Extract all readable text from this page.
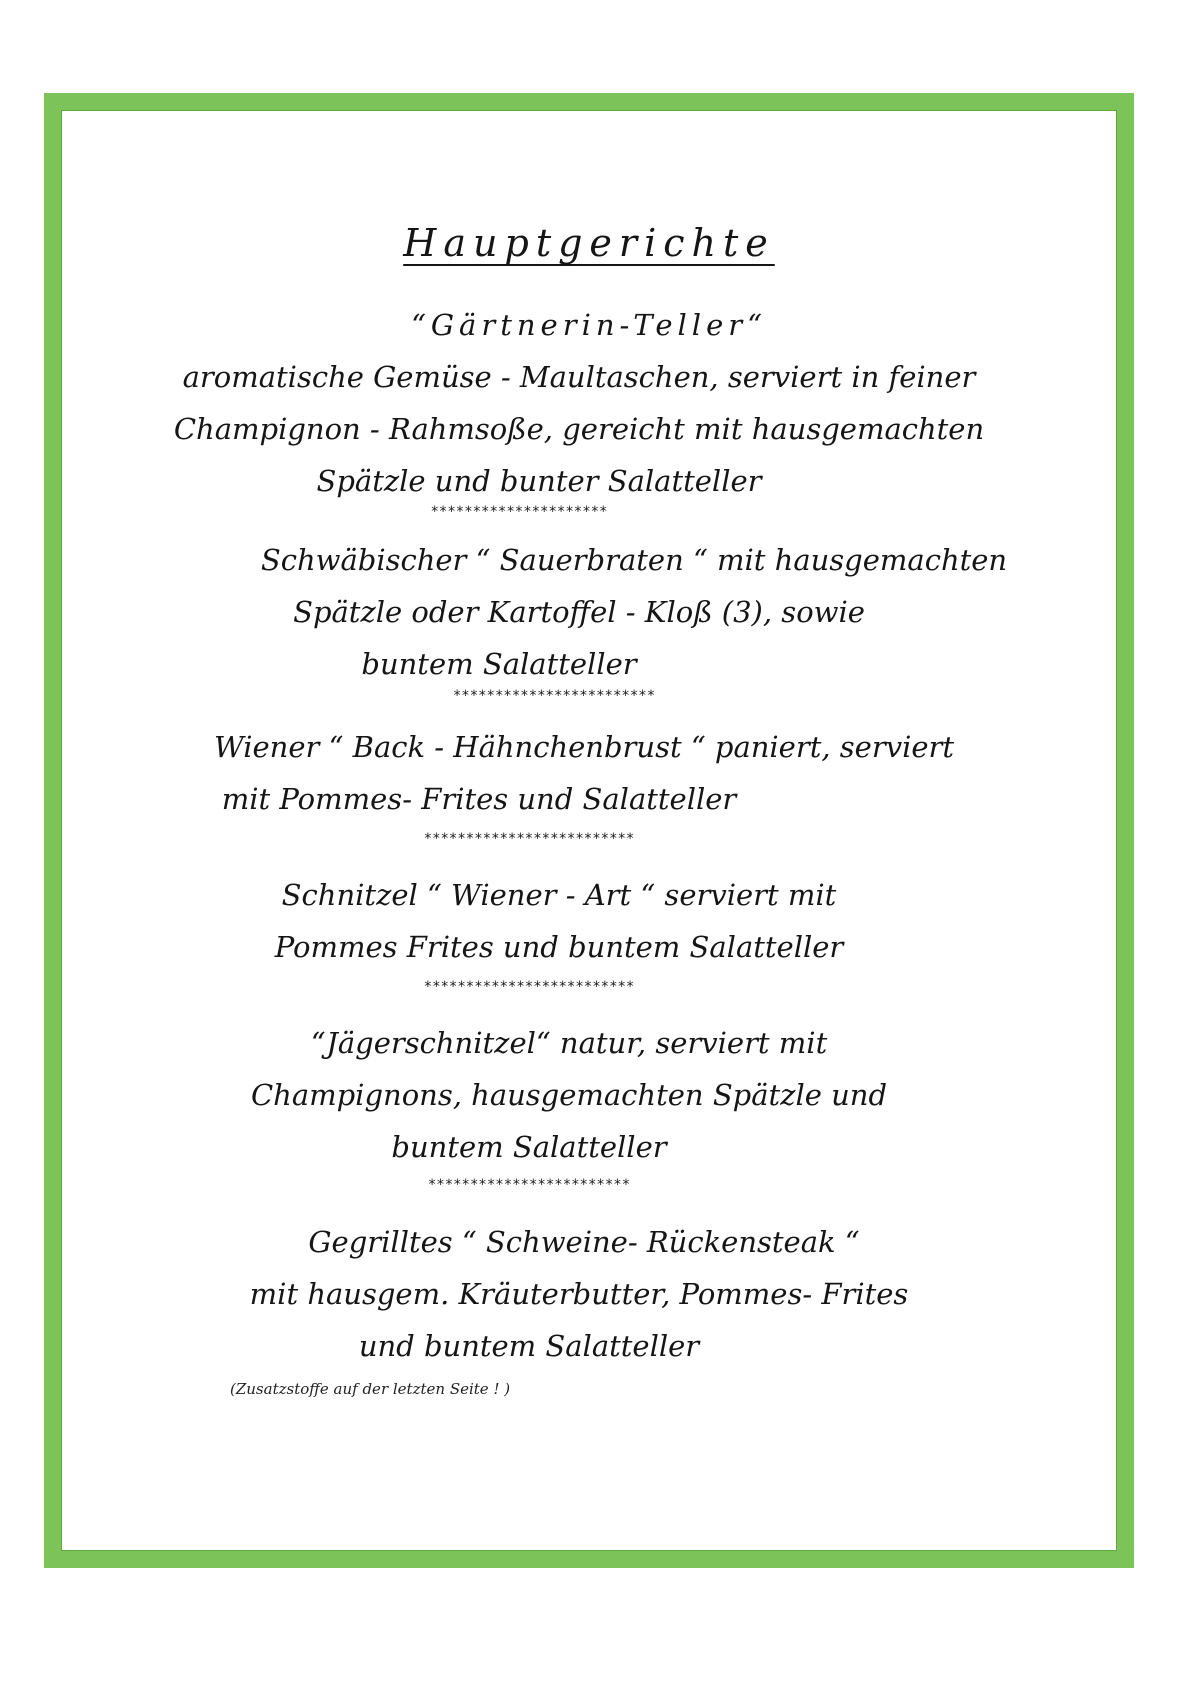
Hauptgerichte
“Gärtnerin-Teller“
aromatische Gemüse - Maultaschen, serviert in feiner
Champignon - Rahmsoße, gereicht mit hausgemachten
Spätzle und bunter Salatteller
*********************
Schwäbischer “ Sauerbraten “ mit hausgemachten
Spätzle oder Kartoffel - Kloß (3), sowie
buntem Salatteller
************************
Wiener “ Back - Hähnchenbrust “ paniert, serviert
mit Pommes- Frites und Salatteller
*************************
Schnitzel “ Wiener - Art “ serviert mit
Pommes Frites und buntem Salatteller
*************************
“Jägerschnitzel“ natur, serviert mit
Champignons, hausgemachten Spätzle und
buntem Salatteller
************************
Gegrilltes “ Schweine- Rückensteak “
mit hausgem. Kräuterbutter, Pommes- Frites
und buntem Salatteller
(Zusatzstoffe auf der letzten Seite ! )
